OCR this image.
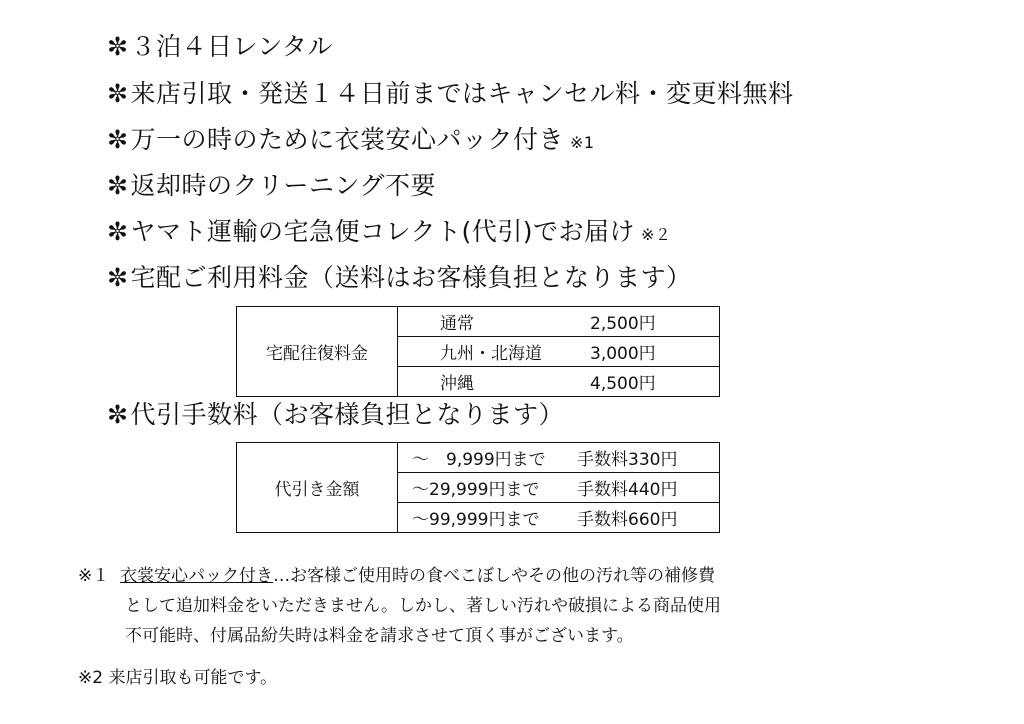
✼３泊４日レンタル
✼来店引取・発送１４日前まではキャンセル料・変更料無料
✼万一の時のために衣裳安心パック付き ※1
✼返却時のクリーニング不要
✼ヤマト運輸の宅急便コレクト(代引)でお届け ※２
✼宅配ご利用料金（送料はお客様負担となります）
宅配往復料金	通常	2,500円
九州・北海道	3,000円
沖縄	4,500円
✼代引手数料（お客様負担となります）
代引き金額	～　9,999円まで 手数料330円
～29,999円まで 手数料440円
～99,999円まで 手数料660円
※１ 衣裳安心パック付き…お客様ご使用時の食べこぼしやその他の汚れ等の補修費
として追加料金をいただきません。しかし、著しい汚れや破損による商品使用
不可能時、付属品紛失時は料金を請求させて頂く事がございます。
※2 来店引取も可能です。
